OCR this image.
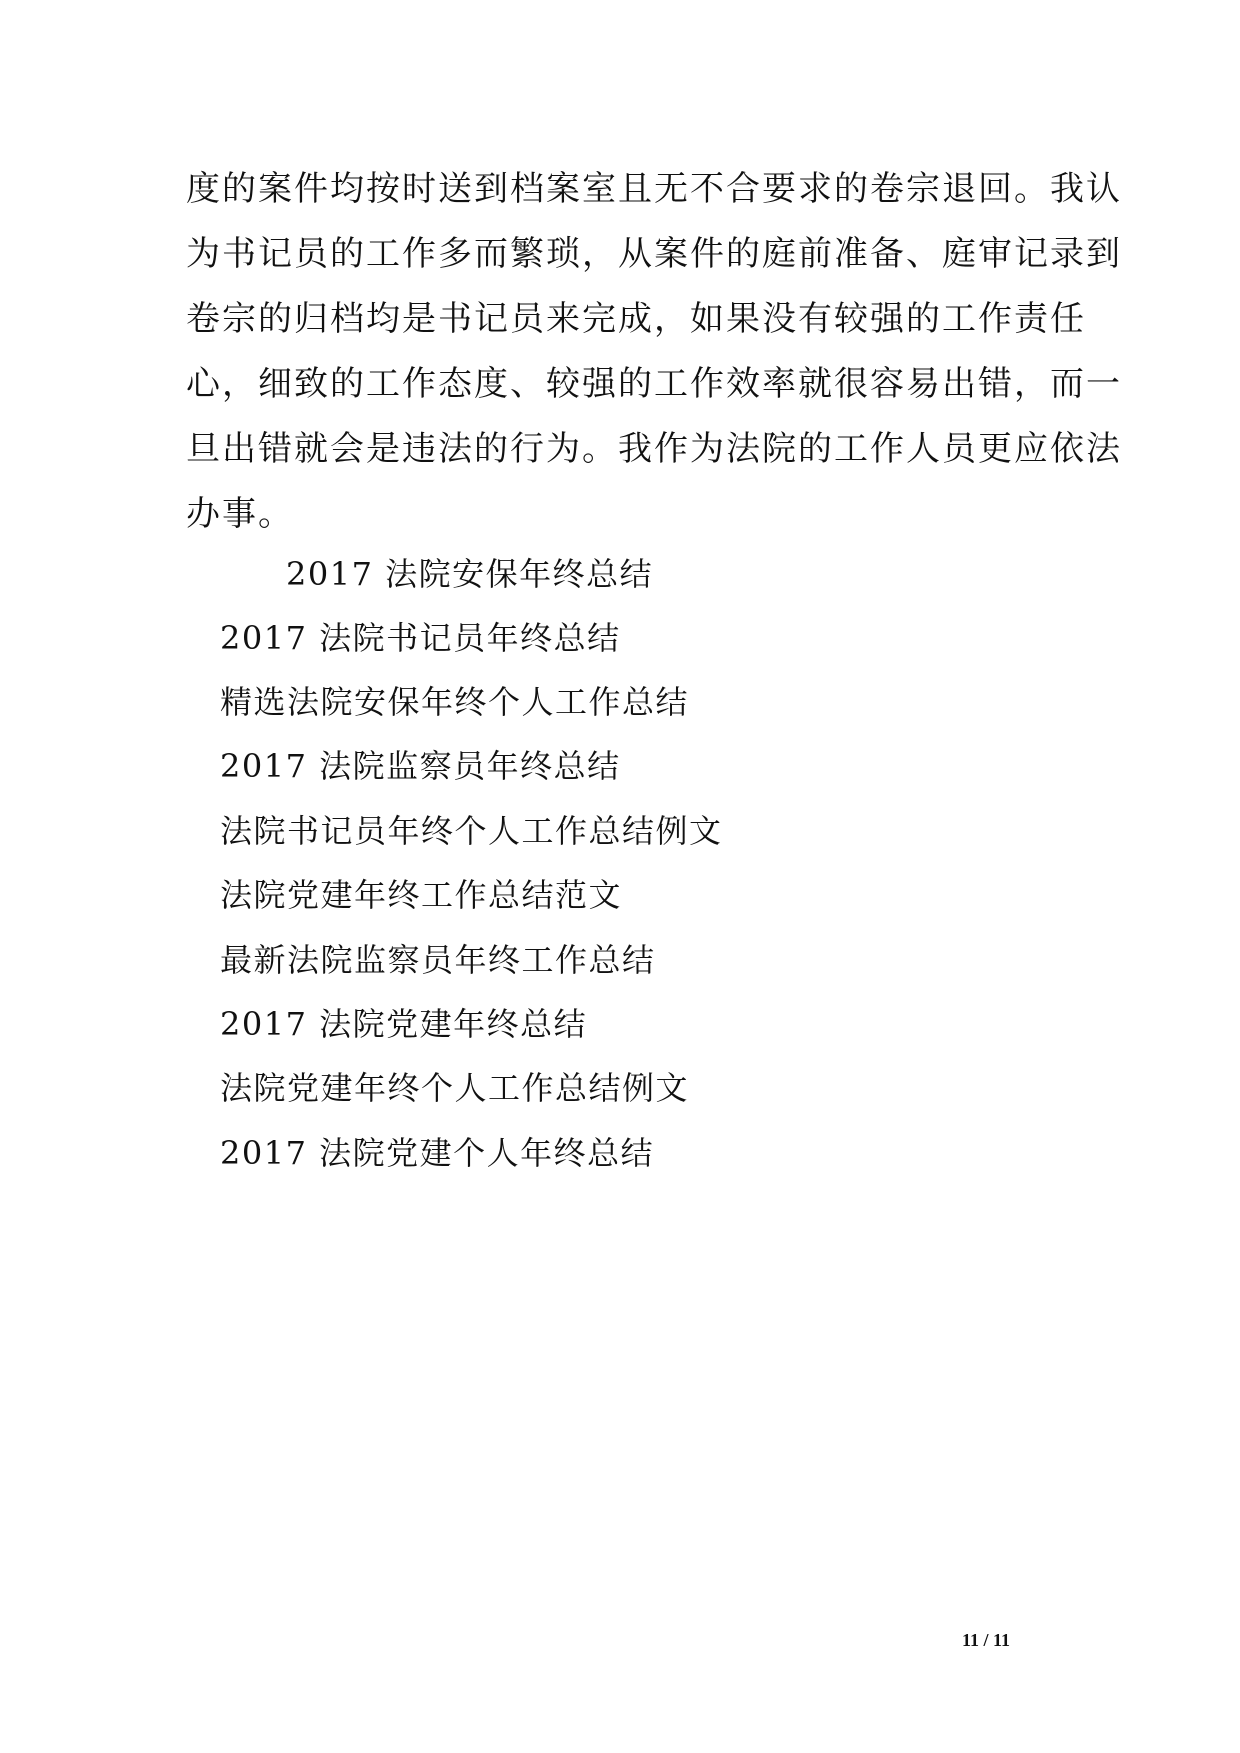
度的案件均按时送到档案室且无不合要求的卷宗退回。我认
为书记员的工作多而繁琐，从案件的庭前准备、庭审记录到
卷宗的归档均是书记员来完成，如果没有较强的工作责任
心，细致的工作态度、较强的工作效率就很容易出错，而一
旦出错就会是违法的行为。我作为法院的工作人员更应依法
办事。
2017 法院安保年终总结
2017 法院书记员年终总结
精选法院安保年终个人工作总结
2017 法院监察员年终总结
法院书记员年终个人工作总结例文
法院党建年终工作总结范文
最新法院监察员年终工作总结
2017 法院党建年终总结
法院党建年终个人工作总结例文
2017 法院党建个人年终总结
11 / 11
